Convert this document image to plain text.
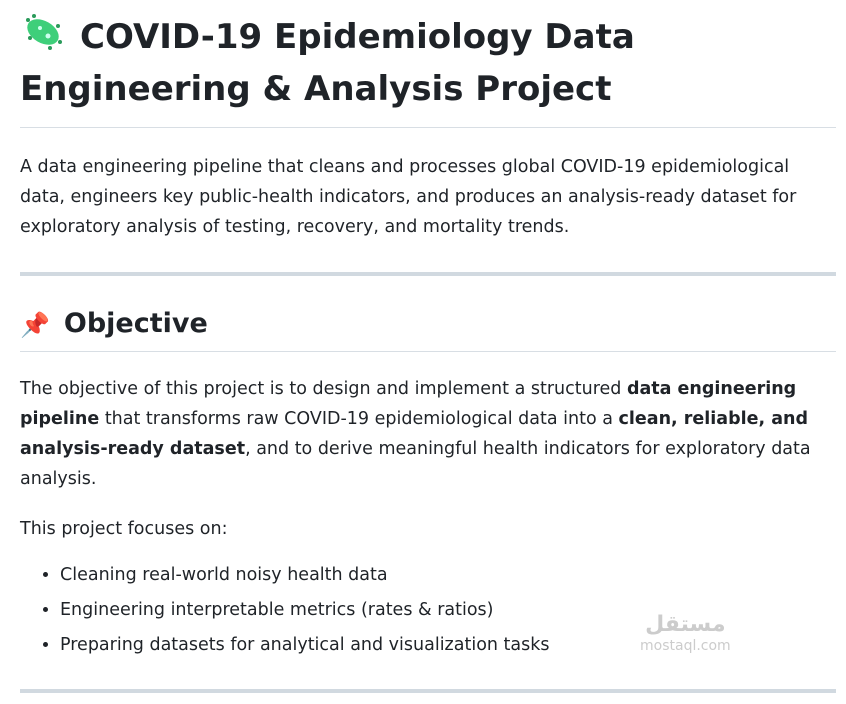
COVID-19 Epidemiology Data Engineering & Analysis Project

A data engineering pipeline that cleans and processes global COVID-19 epidemiological data, engineers key public-health indicators, and produces an analysis-ready dataset for exploratory analysis of testing, recovery, and mortality trends.

📌 Objective

The objective of this project is to design and implement a structured data engineering pipeline that transforms raw COVID-19 epidemiological data into a clean, reliable, and analysis-ready dataset, and to derive meaningful health indicators for exploratory data analysis.

This project focuses on:

• Cleaning real-world noisy health data
• Engineering interpretable metrics (rates & ratios)
• Preparing datasets for analytical and visualization tasks
مستقل
mostaql.com
